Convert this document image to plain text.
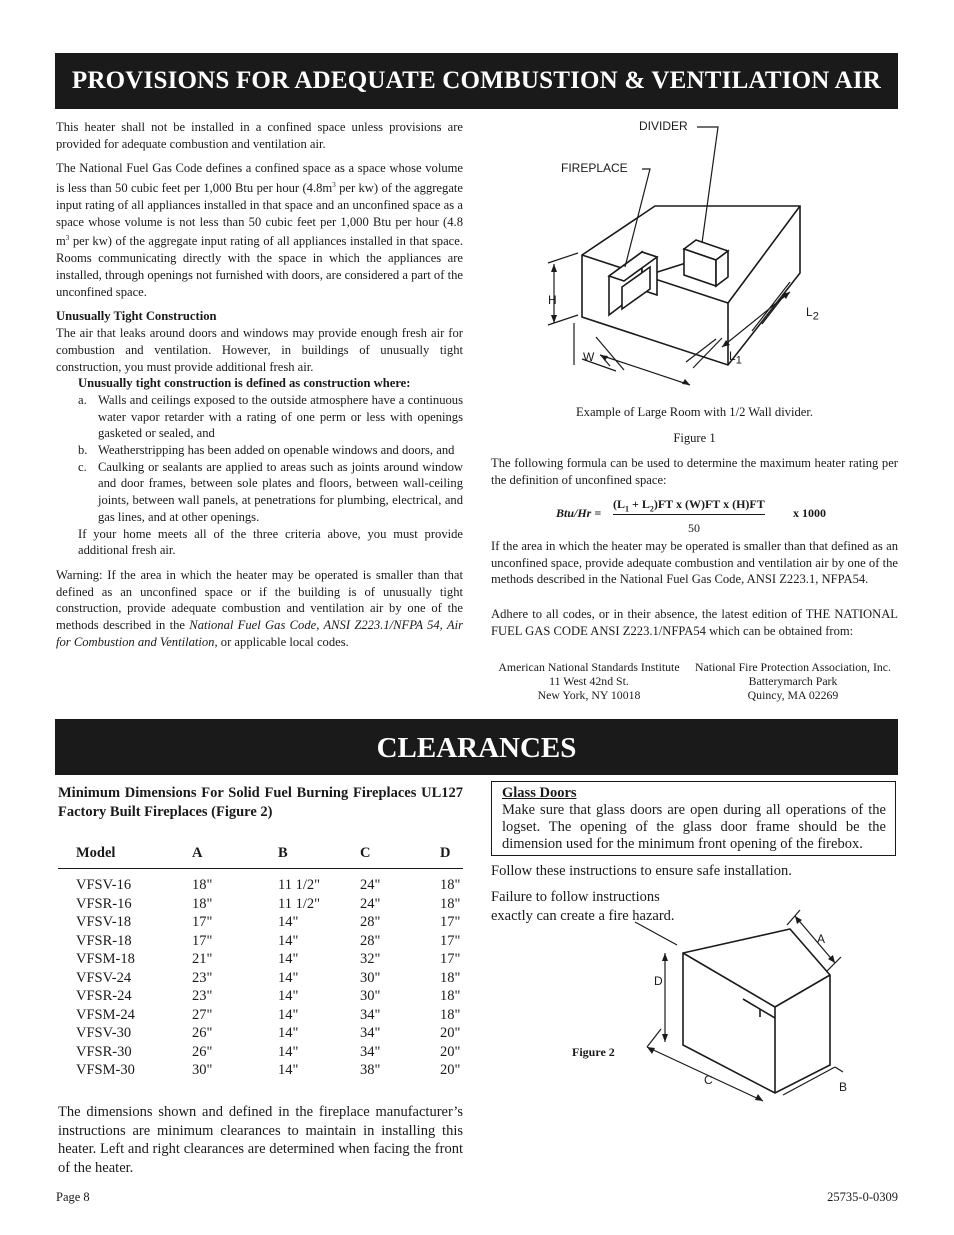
PROVISIONS FOR ADEQUATE COMBUSTION & VENTILATION AIR

This heater shall not be installed in a confined space unless provisions are provided for adequate combustion and ventilation air.

The National Fuel Gas Code defines a confined space as a space whose volume is less than 50 cubic feet per 1,000 Btu per hour ($4.8m^3$ per kw) of the aggregate input rating of all appliances installed in that space and an unconfined space as a space whose volume is not less than 50 cubic feet per 1,000 Btu per hour (4.8 $m^3$ per kw) of the aggregate input rating of all appliances installed in that space. Rooms communicating directly with the space in which the appliances are installed, through openings not furnished with doors, are considered a part of the unconfined space.

Unusually Tight Construction

The air that leaks around doors and windows may provide enough fresh air for combustion and ventilation. However, in buildings of unusually tight construction, you must provide additional fresh air.

Unusually tight construction is defined as construction where:

a. Walls and ceilings exposed to the outside atmosphere have a continuous water vapor retarder with a rating of one perm or less with openings gasketed or sealed, and
b. Weatherstripping has been added on openable windows and doors, and
c. Caulking or sealants are applied to areas such as joints around window and door frames, between sole plates and floors, between wall-ceiling joints, between wall panels, at penetrations for plumbing, electrical, and gas lines, and at other openings.

If your home meets all of the three criteria above, you must provide additional fresh air.

Warning: If the area in which the heater may be operated is smaller than that defined as an unconfined space or if the building is of unusually tight construction, provide adequate combustion and ventilation air by one of the methods described in the National Fuel Gas Code, ANSI Z223.1/NFPA 54, Air for Combustion and Ventilation, or applicable local codes.

DIVIDER
FIREPLACE
H
W	$L_1$
$L_2$
Example of Large Room with 1/2 Wall divider.
Figure 1
The following formula can be used to determine the maximum heater rating per the definition of unconfined space:
Btu/Hr =
$(L_1 + L_2)FT$ x (W)FT x (H)FT
x 1000
50
If the area in which the heater may be operated is smaller than that defined as an unconfined space, provide adequate combustion and ventilation air by one of the methods described in the National Fuel Gas Code, ANSI Z223.1, NFPA54.
Adhere to all codes, or in their absence, the latest edition of THE NATIONAL FUEL GAS CODE ANSI Z223.1/NFPA54 which can be obtained from:
American National Standards Institute
11 West 42nd St.
New York, NY 10018
National Fire Protection Association, Inc.
Batterymarch Park
Quincy, MA 02269
CLEARANCES
Minimum Dimensions For Solid Fuel Burning Fireplaces UL127 Factory Built Fireplaces (Figure 2)
Model	A	B	C	D
VFSV-16	18"	11 1/2"	24"	18"
VFSR-16	18"	11 1/2"	24"	18"
VFSV-18	17"	14"	28"	17"
VFSR-18	17"	14"	28"	17"
VFSM-18	21"	14"	32"	17"
VFSV-24	23"	14"	30"	18"
VFSR-24	23"	14"	30"	18"
VFSM-24	27"	14"	34"	18"
VFSV-30	26"	14"	34"	20"
VFSR-30	26"	14"	34"	20"
VFSM-30	30"	14"	38"	20"
The dimensions shown and defined in the fireplace manufacturer’s instructions are minimum clearances to maintain in installing this heater. Left and right clearances are determined when facing the front of the heater.
Glass Doors
Make sure that glass doors are open during all operations of the logset. The opening of the glass door frame should be the dimension used for the minimum front opening of the firebox.
Follow these instructions to ensure safe installation.
Failure to follow instructions exactly can create a fire hazard.
A
D
C	B
Figure 2
Page 8	25735-0-0309
